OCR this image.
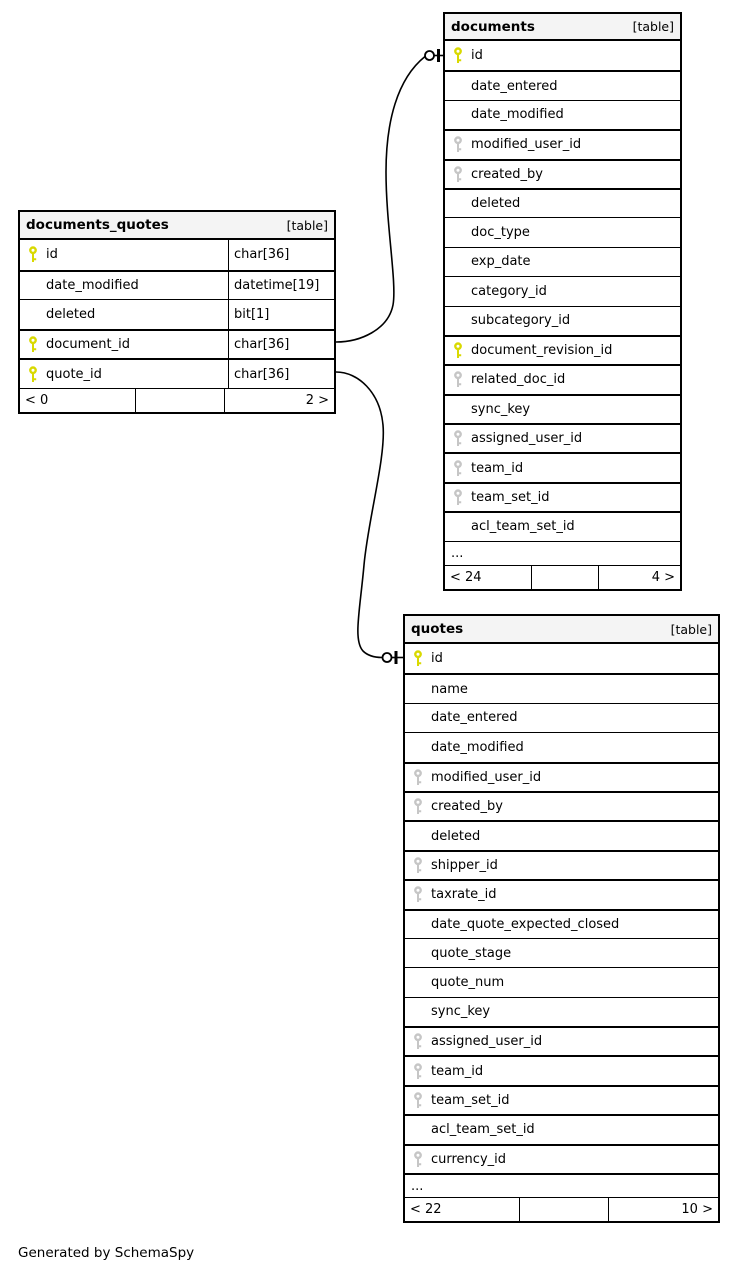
documents_quotes	[table]
id	char[36]
date_modified	datetime[19]
deleted	bit[1]
document_id	char[36]
quote_id	char[36]
< 0	2 >
documents	[table]
id
date_entered
date_modified
modified_user_id
created_by
deleted
doc_type
exp_date
category_id
subcategory_id
document_revision_id
related_doc_id
sync_key
assigned_user_id
team_id
team_set_id
acl_team_set_id
...
< 24	4 >
quotes	[table]
id
name
date_entered
date_modified
modified_user_id
created_by
deleted
shipper_id
taxrate_id
date_quote_expected_closed
quote_stage
quote_num
sync_key
assigned_user_id
team_id
team_set_id
acl_team_set_id
currency_id
...
< 22	10 >
Generated by SchemaSpy
